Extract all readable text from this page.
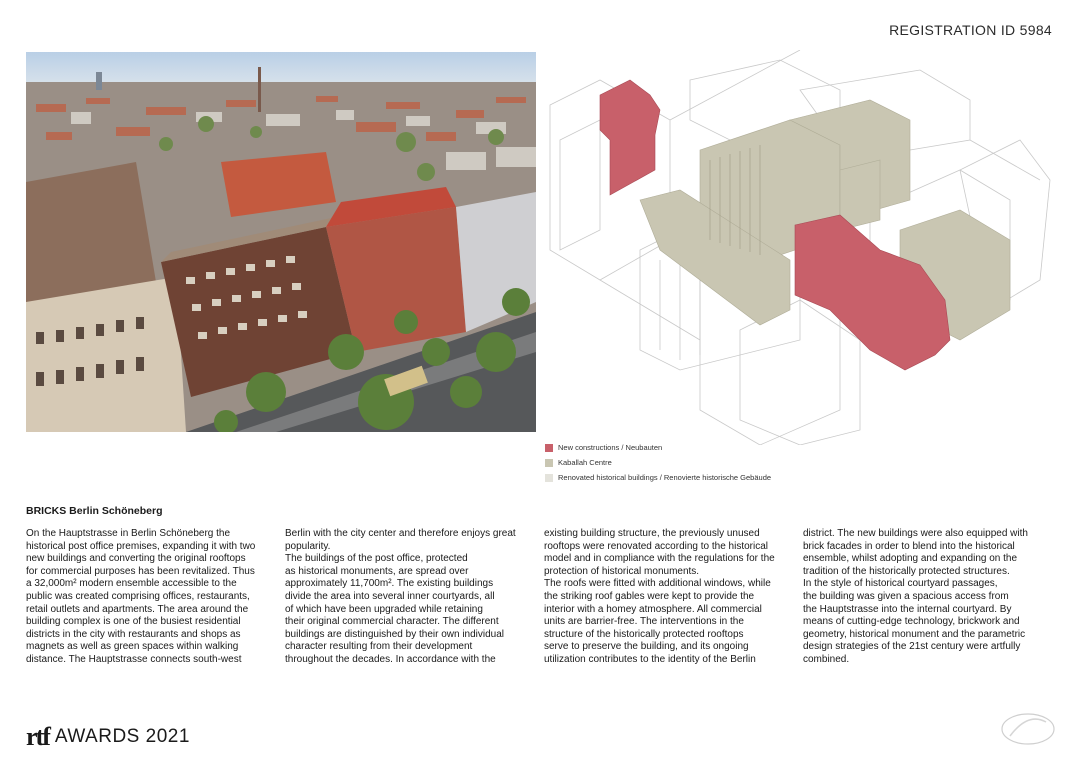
REGISTRATION ID 5984
New constructions / Neubauten
Kaballah Centre
Renovated historical buildings / Renovierte historische Gebäude
BRICKS Berlin Schöneberg
On the Hauptstrasse in Berlin Schöneberg the
historical post office premises, expanding it with two
new buildings and converting the original rooftops
for commercial purposes has been revitalized. Thus
a 32,000m² modern ensemble accessible to the
public was created comprising offices, restaurants,
retail outlets and apartments. The area around the
building complex is one of the busiest residential
districts in the city with restaurants and shops as
magnets as well as green spaces within walking
distance. The Hauptstrasse connects south-west
Berlin with the city center and therefore enjoys great
popularity.
The buildings of the post office, protected
as historical monuments, are spread over
approximately 11,700m². The existing buildings
divide the area into several inner courtyards, all
of which have been upgraded while retaining
their original commercial character. The different
buildings are distinguished by their own individual
character resulting from their development
throughout the decades. In accordance with the
existing building structure, the previously unused
rooftops were renovated according to the historical
model and in compliance with the regulations for the
protection of historical monuments.
The roofs were fitted with additional windows, while
the striking roof gables were kept to provide the
interior with a homey atmosphere. All commercial
units are barrier-free. The interventions in the
structure of the historically protected rooftops
serve to preserve the building, and its ongoing
utilization contributes to the identity of the Berlin
district. The new buildings were also equipped with
brick facades in order to blend into the historical
ensemble, whilst adopting and expanding on the
tradition of the historically protected structures.
In the style of historical courtyard passages,
the building was given a spacious access from
the Hauptstrasse into the internal courtyard. By
means of cutting-edge technology, brickwork and
geometry, historical monument and the parametric
design strategies of the 21st century were artfully
combined.
rtf AWARDS 2021
